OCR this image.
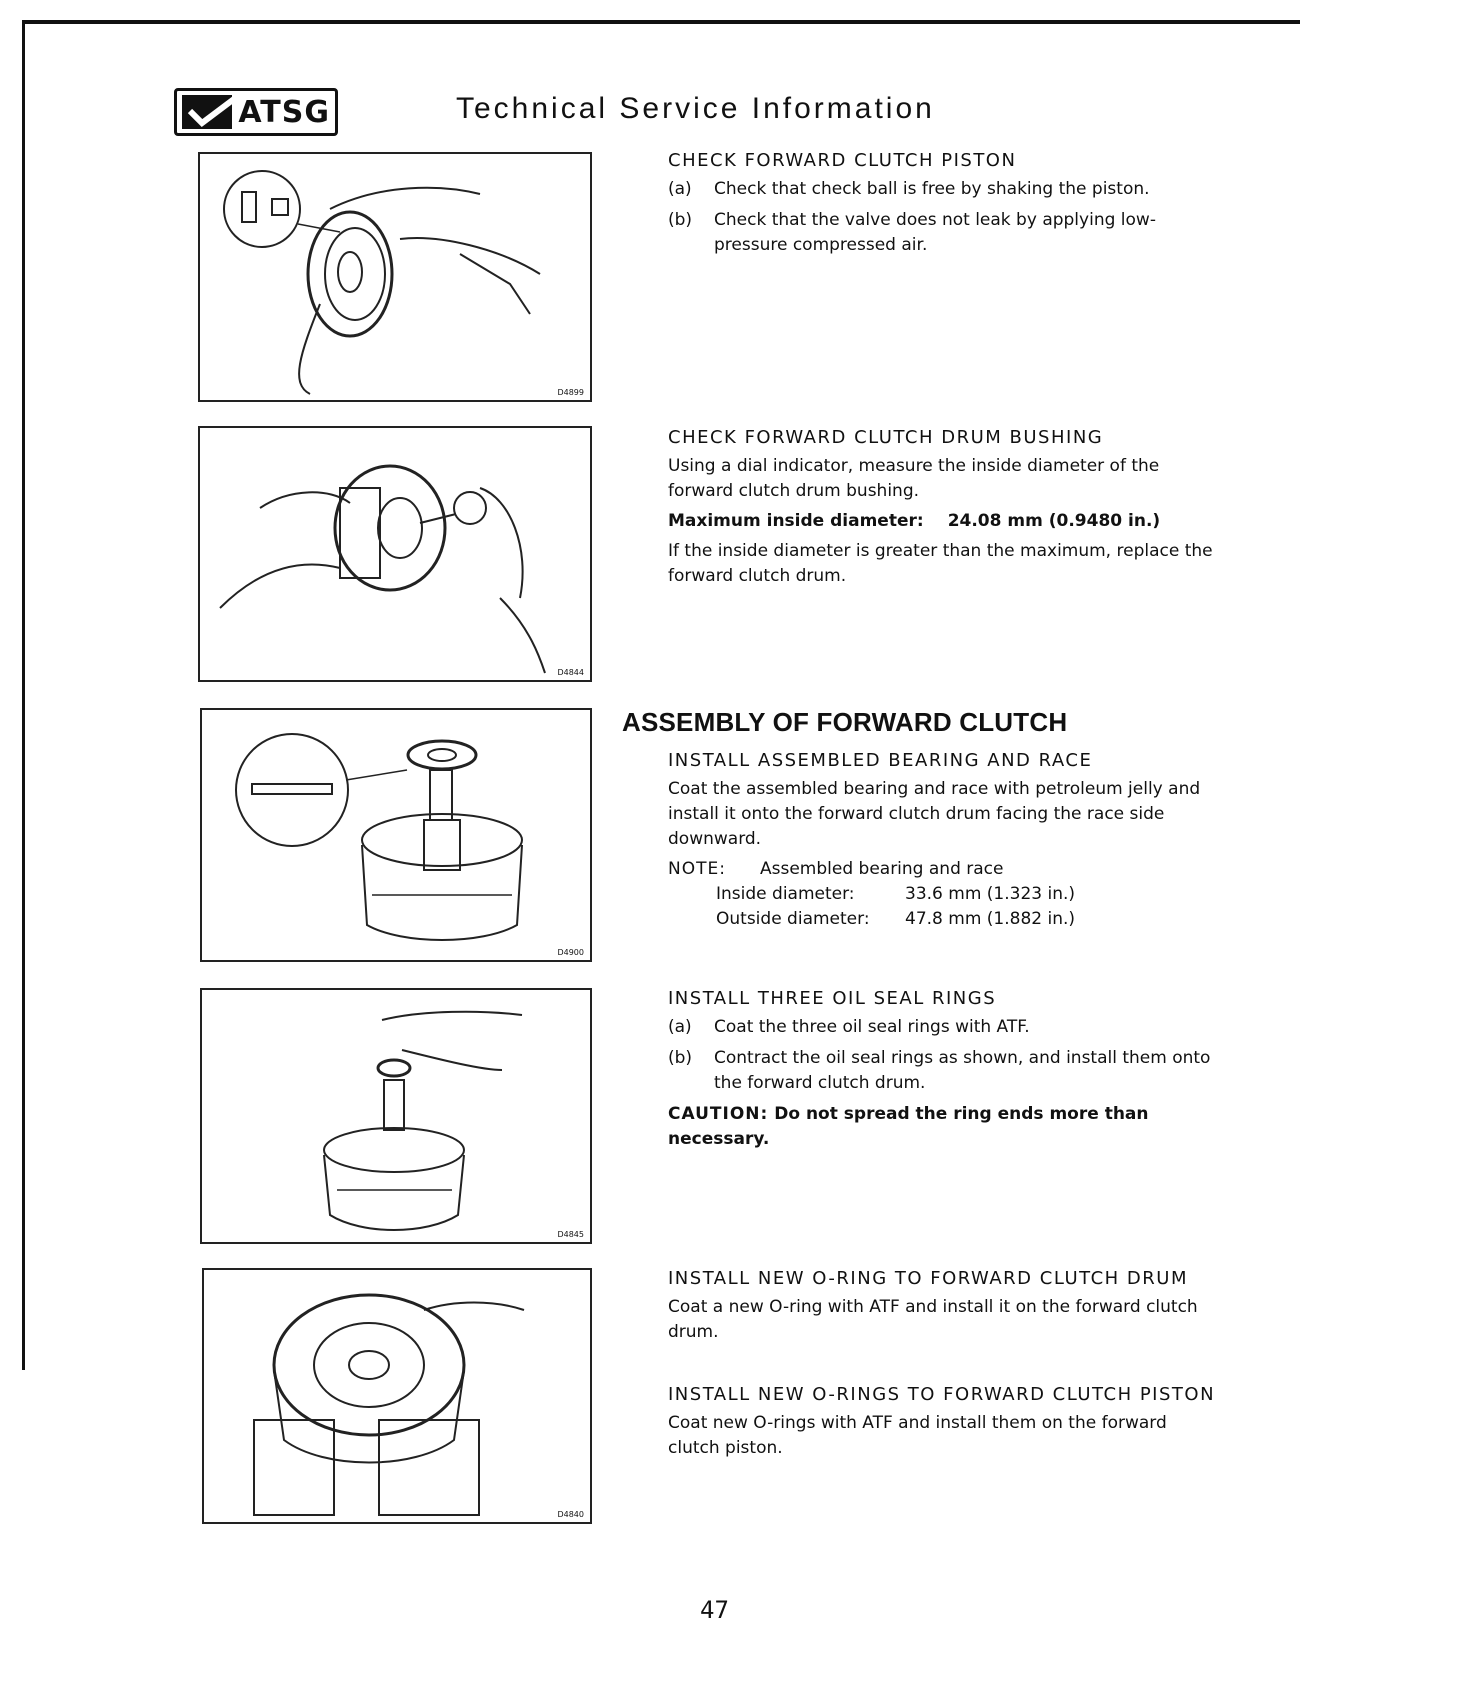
ATSG	Technical Service Information
D4899
D4844
D4900
D4845
D4840
CHECK FORWARD CLUTCH PISTON
(a)	Check that check ball is free by shaking the piston.
(b)	Check that the valve does not leak by applying low-pressure compressed air.
CHECK FORWARD CLUTCH DRUM BUSHING

Using a dial indicator, measure the inside diameter of the forward clutch drum bushing.

Maximum inside diameter: 24.08 mm (0.9480 in.)

If the inside diameter is greater than the maximum, replace the forward clutch drum.

ASSEMBLY OF FORWARD CLUTCH
INSTALL ASSEMBLED BEARING AND RACE

Coat the assembled bearing and race with petroleum jelly and install it onto the forward clutch drum facing the race side downward.

NOTE:	Assembled bearing and race
Inside diameter:	33.6 mm (1.323 in.)
Outside diameter:	47.8 mm (1.882 in.)
INSTALL THREE OIL SEAL RINGS
(a)	Coat the three oil seal rings with ATF.
(b)	Contract the oil seal rings as shown, and install them onto the forward clutch drum.

CAUTION: Do not spread the ring ends more than necessary.

INSTALL NEW O-RING TO FORWARD CLUTCH DRUM

Coat a new O-ring with ATF and install it on the forward clutch drum.

INSTALL NEW O-RINGS TO FORWARD CLUTCH PISTON

Coat new O-rings with ATF and install them on the forward clutch piston.

47
